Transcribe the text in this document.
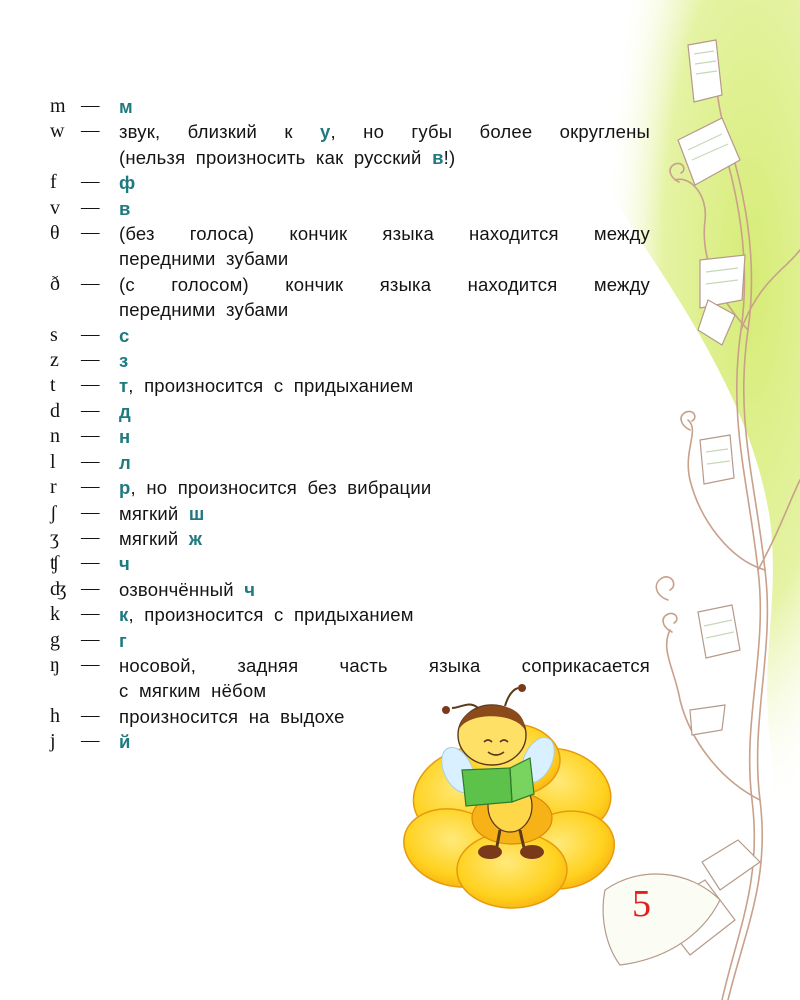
m —	м
w —	звук, близкий к у, но губы более округлены
(нельзя произносить как русский в!)
f	—	ф
v	—	в
θ	—	(без голоса) кончик языка находится между
передними зубами
ð	—	(с голосом) кончик языка находится между
передними зубами
s	—	с
z	—	з
t	—	т, произносится с придыханием
d	—	д
n	—	н
l	—	л
r	—	р, но произносится без вибрации
ʃ	—	мягкий ш
ʒ	—	мягкий ж
ʧ	—	ч
ʤ —	озвончённый ч
k	—	к, произносится с придыханием
g	—	г
ŋ	—	носовой, задняя часть языка соприкасается
с мягким нёбом
h	—	произносится на выдохе
j	—	й
5
